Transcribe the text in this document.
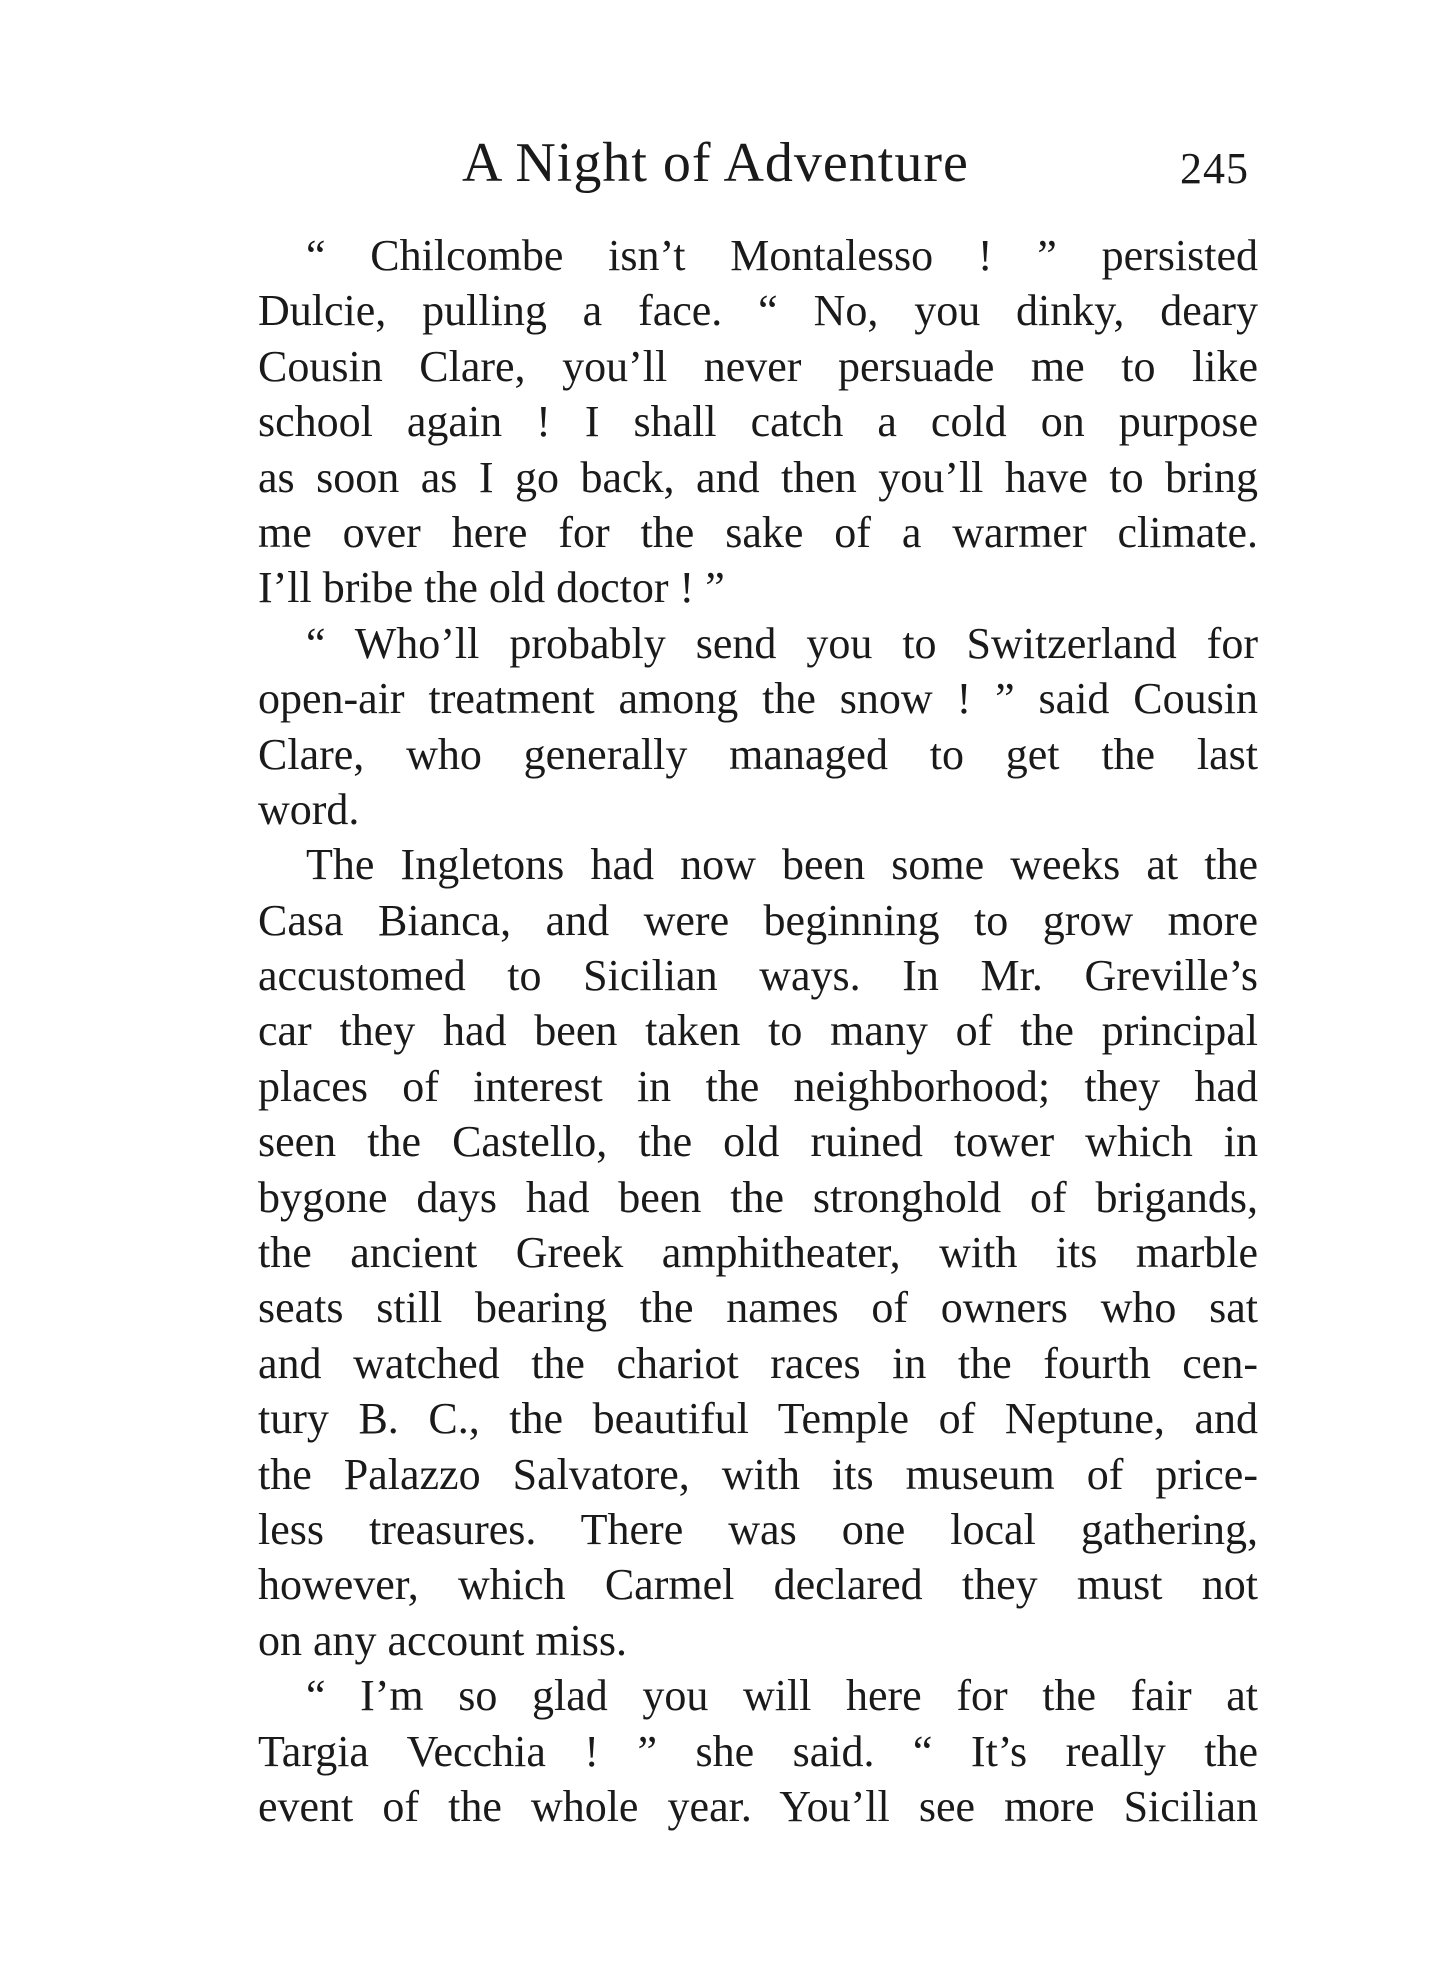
A Night of Adventure	245

“ Chilcombe isn’t Montalesso ! ” persisted
Dulcie, pulling a face. “ No, you dinky, deary
Cousin Clare, you’ll never persuade me to like
school again ! I shall catch a cold on purpose
as soon as I go back, and then you’ll have to bring
me over here for the sake of a warmer climate.
I’ll bribe the old doctor ! ”

“ Who’ll probably send you to Switzerland for
open-air treatment among the snow ! ” said Cousin
Clare, who generally managed to get the last
word.

The Ingletons had now been some weeks at the
Casa Bianca, and were beginning to grow more
accustomed to Sicilian ways. In Mr. Greville’s
car they had been taken to many of the principal
places of interest in the neighborhood; they had
seen the Castello, the old ruined tower which in
bygone days had been the stronghold of brigands,
the ancient Greek amphitheater, with its marble
seats still bearing the names of owners who sat
and watched the chariot races in the fourth cen-
tury B. C., the beautiful Temple of Neptune, and
the Palazzo Salvatore, with its museum of price-
less treasures. There was one local gathering,
however, which Carmel declared they must not
on any account miss.

“ I’m so glad you will here for the fair at
Targia Vecchia ! ” she said. “ It’s really the
event of the whole year. You’ll see more Sicilian
